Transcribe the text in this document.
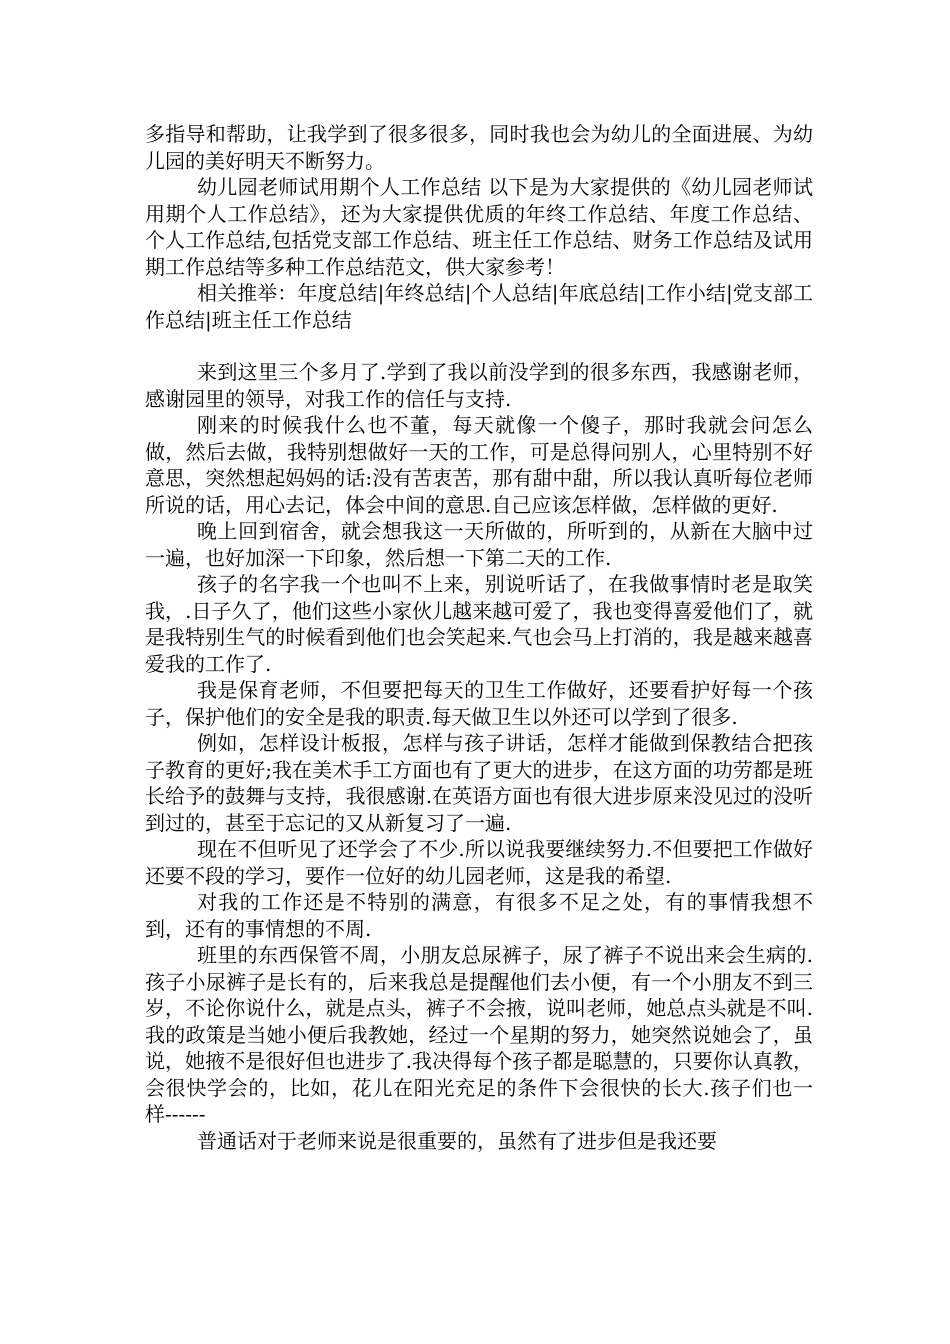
多指导和帮助，让我学到了很多很多，同时我也会为幼儿的全面进展、为幼儿园的美好明天不断努力。

幼儿园老师试用期个人工作总结 以下是为大家提供的《幼儿园老师试用期个人工作总结》，还为大家提供优质的年终工作总结、年度工作总结、个人工作总结,包括党支部工作总结、班主任工作总结、财务工作总结及试用期工作总结等多种工作总结范文，供大家参考！

相关推举：年度总结|年终总结|个人总结|年底总结|工作小结|党支部工作总结|班主任工作总结

来到这里三个多月了.学到了我以前没学到的很多东西，我感谢老师，感谢园里的领导，对我工作的信任与支持.

刚来的时候我什么也不董，每天就像一个傻子，那时我就会问怎么做，然后去做，我特别想做好一天的工作，可是总得问别人，心里特别不好意思，突然想起妈妈的话:没有苦衷苦，那有甜中甜，所以我认真听每位老师所说的话，用心去记，体会中间的意思.自己应该怎样做，怎样做的更好.

晚上回到宿舍，就会想我这一天所做的，所听到的，从新在大脑中过一遍，也好加深一下印象，然后想一下第二天的工作.

孩子的名字我一个也叫不上来，别说听话了，在我做事情时老是取笑我，.日子久了，他们这些小家伙儿越来越可爱了，我也变得喜爱他们了，就是我特别生气的时候看到他们也会笑起来.气也会马上打消的，我是越来越喜爱我的工作了.

我是保育老师，不但要把每天的卫生工作做好，还要看护好每一个孩子，保护他们的安全是我的职责.每天做卫生以外还可以学到了很多.

例如，怎样设计板报，怎样与孩子讲话，怎样才能做到保教结合把孩子教育的更好;我在美术手工方面也有了更大的进步，在这方面的功劳都是班长给予的鼓舞与支持，我很感谢.在英语方面也有很大进步原来没见过的没听到过的，甚至于忘记的又从新复习了一遍.

现在不但听见了还学会了不少.所以说我要继续努力.不但要把工作做好还要不段的学习，要作一位好的幼儿园老师，这是我的希望.

对我的工作还是不特别的满意，有很多不足之处，有的事情我想不到，还有的事情想的不周.

班里的东西保管不周，小朋友总尿裤子，尿了裤子不说出来会生病的.孩子小尿裤子是长有的，后来我总是提醒他们去小便，有一个小朋友不到三岁，不论你说什么，就是点头，裤子不会掖，说叫老师，她总点头就是不叫.我的政策是当她小便后我教她，经过一个星期的努力，她突然说她会了，虽说，她掖不是很好但也进步了.我决得每个孩子都是聪慧的，只要你认真教，会很快学会的，比如，花儿在阳光充足的条件下会很快的长大.孩子们也一样------

普通话对于老师来说是很重要的，虽然有了进步但是我还要
